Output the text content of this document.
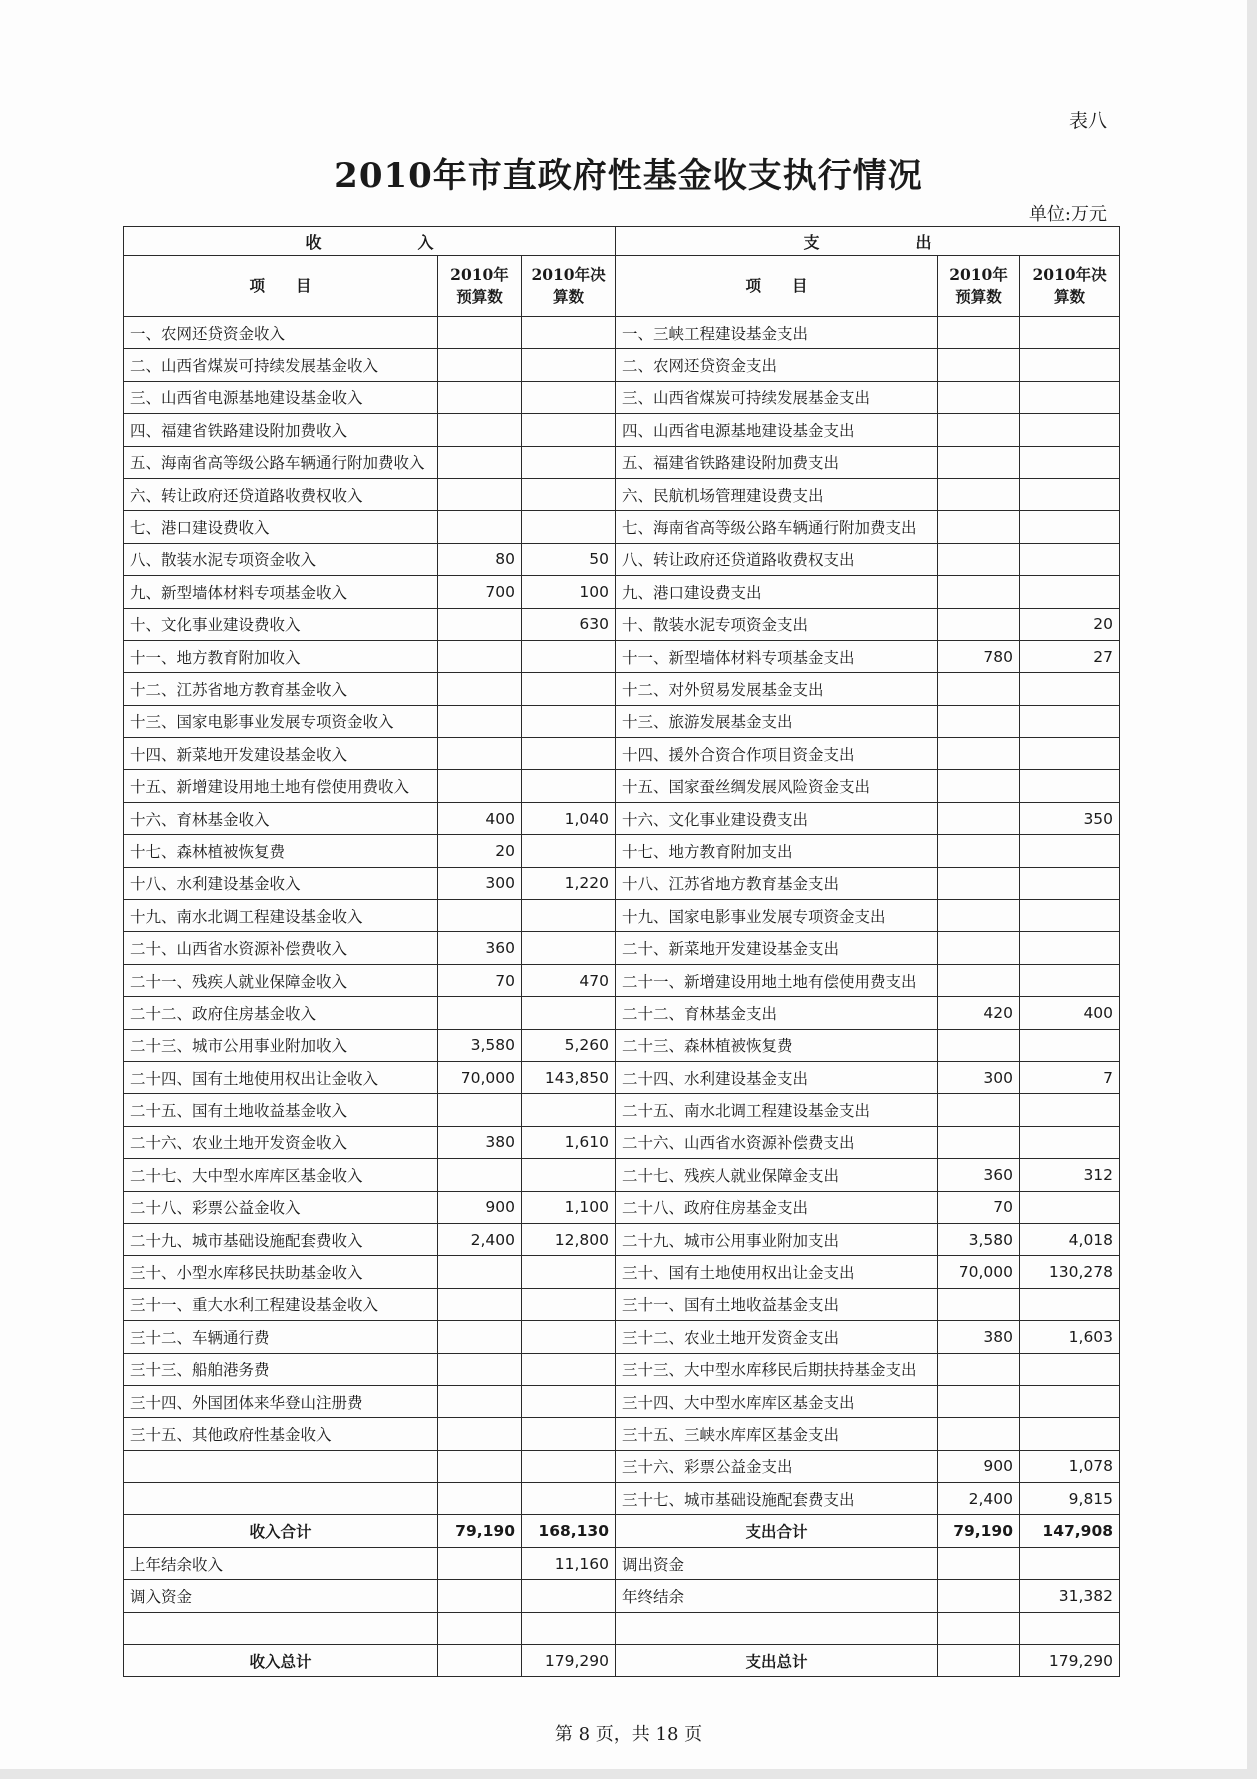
表八
2010年市直政府性基金收支执行情况
单位:万元
收　　　　　　入			支　　　　　　出		
项　　目	2010年预算数	2010年决算数	项　　目	2010年预算数	2010年决算数
一、农网还贷资金收入			一、三峡工程建设基金支出		
二、山西省煤炭可持续发展基金收入			二、农网还贷资金支出		
三、山西省电源基地建设基金收入			三、山西省煤炭可持续发展基金支出		
四、福建省铁路建设附加费收入			四、山西省电源基地建设基金支出		
五、海南省高等级公路车辆通行附加费收入			五、福建省铁路建设附加费支出		
六、转让政府还贷道路收费权收入			六、民航机场管理建设费支出		
七、港口建设费收入			七、海南省高等级公路车辆通行附加费支出		
八、散装水泥专项资金收入	80	50	八、转让政府还贷道路收费权支出		
九、新型墙体材料专项基金收入	700	100	九、港口建设费支出		
十、文化事业建设费收入		630	十、散装水泥专项资金支出		20
十一、地方教育附加收入			十一、新型墙体材料专项基金支出	780	27
十二、江苏省地方教育基金收入			十二、对外贸易发展基金支出		
十三、国家电影事业发展专项资金收入			十三、旅游发展基金支出		
十四、新菜地开发建设基金收入			十四、援外合资合作项目资金支出		
十五、新增建设用地土地有偿使用费收入			十五、国家蚕丝绸发展风险资金支出		
十六、育林基金收入	400	1,040	十六、文化事业建设费支出		350
十七、森林植被恢复费	20		十七、地方教育附加支出		
十八、水利建设基金收入	300	1,220	十八、江苏省地方教育基金支出		
十九、南水北调工程建设基金收入			十九、国家电影事业发展专项资金支出		
二十、山西省水资源补偿费收入	360		二十、新菜地开发建设基金支出		
二十一、残疾人就业保障金收入	70	470	二十一、新增建设用地土地有偿使用费支出		
二十二、政府住房基金收入			二十二、育林基金支出	420	400
二十三、城市公用事业附加收入	3,580	5,260	二十三、森林植被恢复费		
二十四、国有土地使用权出让金收入	70,000	143,850	二十四、水利建设基金支出	300	7
二十五、国有土地收益基金收入			二十五、南水北调工程建设基金支出		
二十六、农业土地开发资金收入	380	1,610	二十六、山西省水资源补偿费支出		
二十七、大中型水库库区基金收入			二十七、残疾人就业保障金支出	360	312
二十八、彩票公益金收入	900	1,100	二十八、政府住房基金支出	70	
二十九、城市基础设施配套费收入	2,400	12,800	二十九、城市公用事业附加支出	3,580	4,018
三十、小型水库移民扶助基金收入			三十、国有土地使用权出让金支出	70,000	130,278
三十一、重大水利工程建设基金收入			三十一、国有土地收益基金支出		
三十二、车辆通行费			三十二、农业土地开发资金支出	380	1,603
三十三、船舶港务费			三十三、大中型水库移民后期扶持基金支出		
三十四、外国团体来华登山注册费			三十四、大中型水库库区基金支出		
三十五、其他政府性基金收入			三十五、三峡水库库区基金支出		
			三十六、彩票公益金支出	900	1,078
			三十七、城市基础设施配套费支出	2,400	9,815
收入合计	79,190	168,130	支出合计	79,190	147,908
上年结余收入		11,160	调出资金		
调入资金			年终结余		31,382

收入总计		179,290	支出总计		179,290
第 8 页，共 18 页
